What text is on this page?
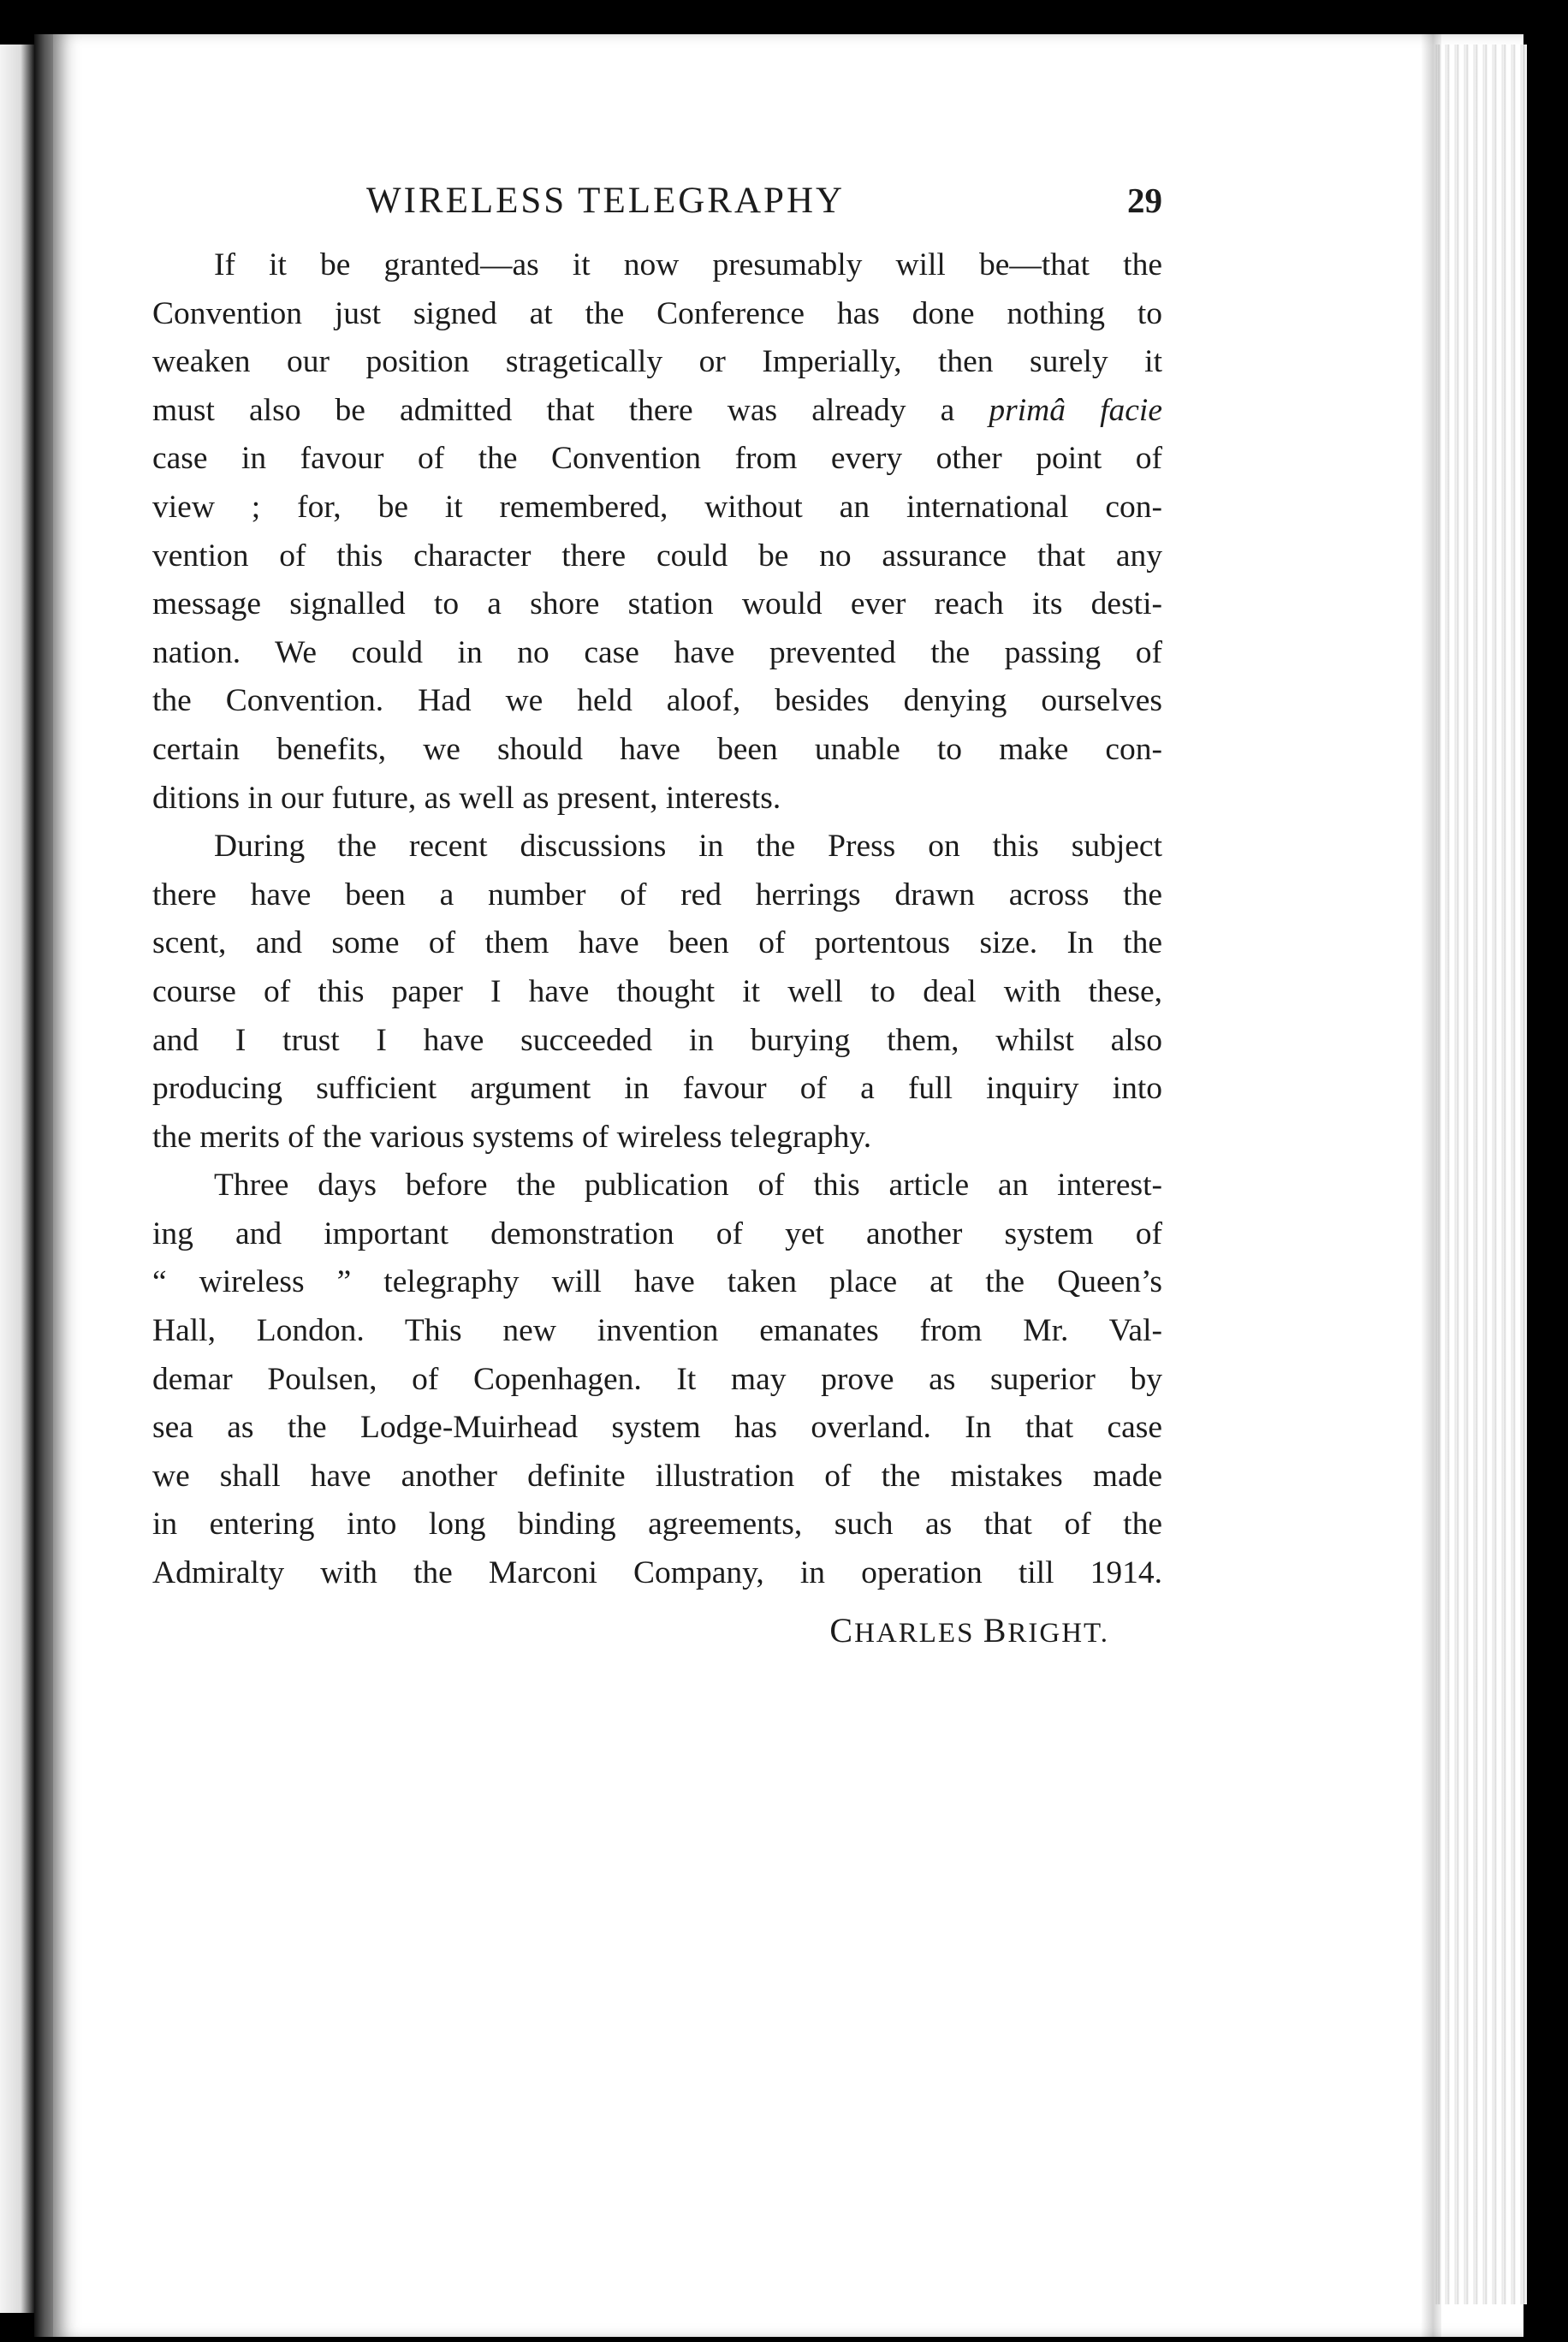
WIRELESS TELEGRAPHY	29

If it be granted—as it now presumably will be—that the
Convention just signed at the Conference has done nothing to
weaken our position stragetically or Imperially, then surely it
must also be admitted that there was already a primâ facie
case in favour of the Convention from every other point of
view ; for, be it remembered, without an international con-
vention of this character there could be no assurance that any
message signalled to a shore station would ever reach its desti-
nation. We could in no case have prevented the passing of
the Convention. Had we held aloof, besides denying ourselves
certain benefits, we should have been unable to make con-
ditions in our future, as well as present, interests.

During the recent discussions in the Press on this subject
there have been a number of red herrings drawn across the
scent, and some of them have been of portentous size. In the
course of this paper I have thought it well to deal with these,
and I trust I have succeeded in burying them, whilst also
producing sufficient argument in favour of a full inquiry into
the merits of the various systems of wireless telegraphy.

Three days before the publication of this article an interest-
ing and important demonstration of yet another system of
“ wireless ” telegraphy will have taken place at the Queen’s
Hall, London. This new invention emanates from Mr. Val-
demar Poulsen, of Copenhagen. It may prove as superior by
sea as the Lodge-Muirhead system has overland. In that case
we shall have another definite illustration of the mistakes made
in entering into long binding agreements, such as that of the
Admiralty with the Marconi Company, in operation till 1914.

CHARLES BRIGHT.
